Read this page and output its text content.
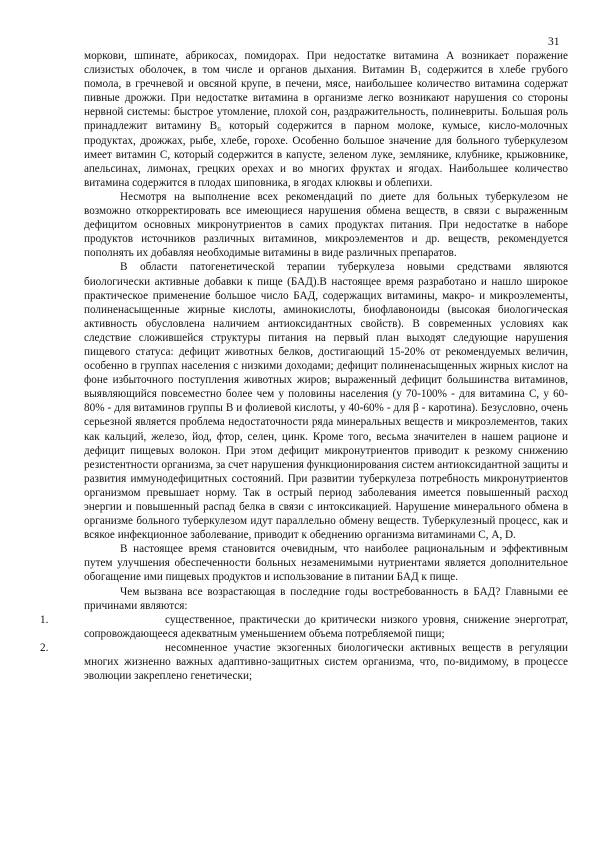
31

моркови, шпинате, абрикосах, помидорах. При недостатке витамина А возникает поражение слизистых оболочек, в том числе и органов дыхания. Витамин B₁ содержится в хлебе грубого помола, в гречневой и овсяной крупе, в печени, мясе, наибольшее количество витамина содержат пивные дрожжи. При недостатке витамина в организме легко возникают нарушения со стороны нервной системы: быстрое утомление, плохой сон, раздражительность, полиневриты. Большая роль принадлежит витамину B₆ который содержится в парном молоке, кумысе, кисло-молочных продуктах, дрожжах, рыбе, хлебе, горохе. Особенно большое значение для больного туберкулезом имеет витамин С, который содержится в капусте, зеленом луке, землянике, клубнике, крыжовнике, апельсинах, лимонах, грецких орехах и во многих фруктах и ягодах. Наибольшее количество витамина содержится в плодах шиповника, в ягодах клюквы и облепихи.

Несмотря на выполнение всех рекомендаций по диете для больных туберкулезом не возможно откорректировать все имеющиеся нарушения обмена веществ, в связи с выраженным дефицитом основных микронутриентов в самих продуктах питания. При недостатке в наборе продуктов источников различных витаминов, микроэлементов и др. веществ, рекомендуется пополнять их добавляя необходимые витамины в виде различных препаратов.

В области патогенетической терапии туберкулеза новыми средствами являются биологически активные добавки к пище (БАД).В настоящее время разработано и нашло широкое практическое применение большое число БАД, содержащих витамины, макро- и микроэлементы, полиненасыщенные жирные кислоты, аминокислоты, биофлавоноиды (высокая биологическая активность обусловлена наличием антиоксидантных свойств). В современных условиях как следствие сложившейся структуры питания на первый план выходят следующие нарушения пищевого статуса: дефицит животных белков, достигающий 15-20% от рекомендуемых величин, особенно в группах населения с низкими доходами; дефицит полиненасыщенных жирных кислот на фоне избыточного поступления животных жиров; выраженный дефицит большинства витаминов, выявляющийся повсеместно более чем у половины населения (у 70-100% - для витамина С, у 60-80% - для витаминов группы В и фолиевой кислоты, у 40-60% - для β - каротина). Безусловно, очень серьезной является проблема недостаточности ряда минеральных веществ и микроэлементов, таких как кальций, железо, йод, фтор, селен, цинк. Кроме того, весьма значителен в нашем рационе и дефицит пищевых волокон. При этом дефицит микронутриентов приводит к резкому снижению резистентности организма, за счет нарушения функционирования систем антиоксидантной защиты и развития иммунодефицитных состояний. При развитии туберкулеза потребность микронутриентов организмом превышает норму. Так в острый период заболевания имеется повышенный расход энергии и повышенный распад белка в связи с интоксикацией. Нарушение минерального обмена в организме больного туберкулезом идут параллельно обмену веществ. Туберкулезный процесс, как и всякое инфекционное заболевание, приводит к обеднению организма витаминами С, А, D.

В настоящее время становится очевидным, что наиболее рациональным и эффективным путем улучшения обеспеченности больных незаменимыми нутриентами является дополнительное обогащение ими пищевых продуктов и использование в питании БАД к пище.

Чем вызвана все возрастающая в последние годы востребованность в БАД? Главными ее причинами являются:

1.	существенное, практически до критически низкого уровня, снижение энерготрат, сопровождающееся адекватным уменьшением объема потребляемой пищи;

2.	несомненное участие экзогенных биологически активных веществ в регуляции многих жизненно важных адаптивно-защитных систем организма, что, по-видимому, в процессе эволюции закреплено генетически;
